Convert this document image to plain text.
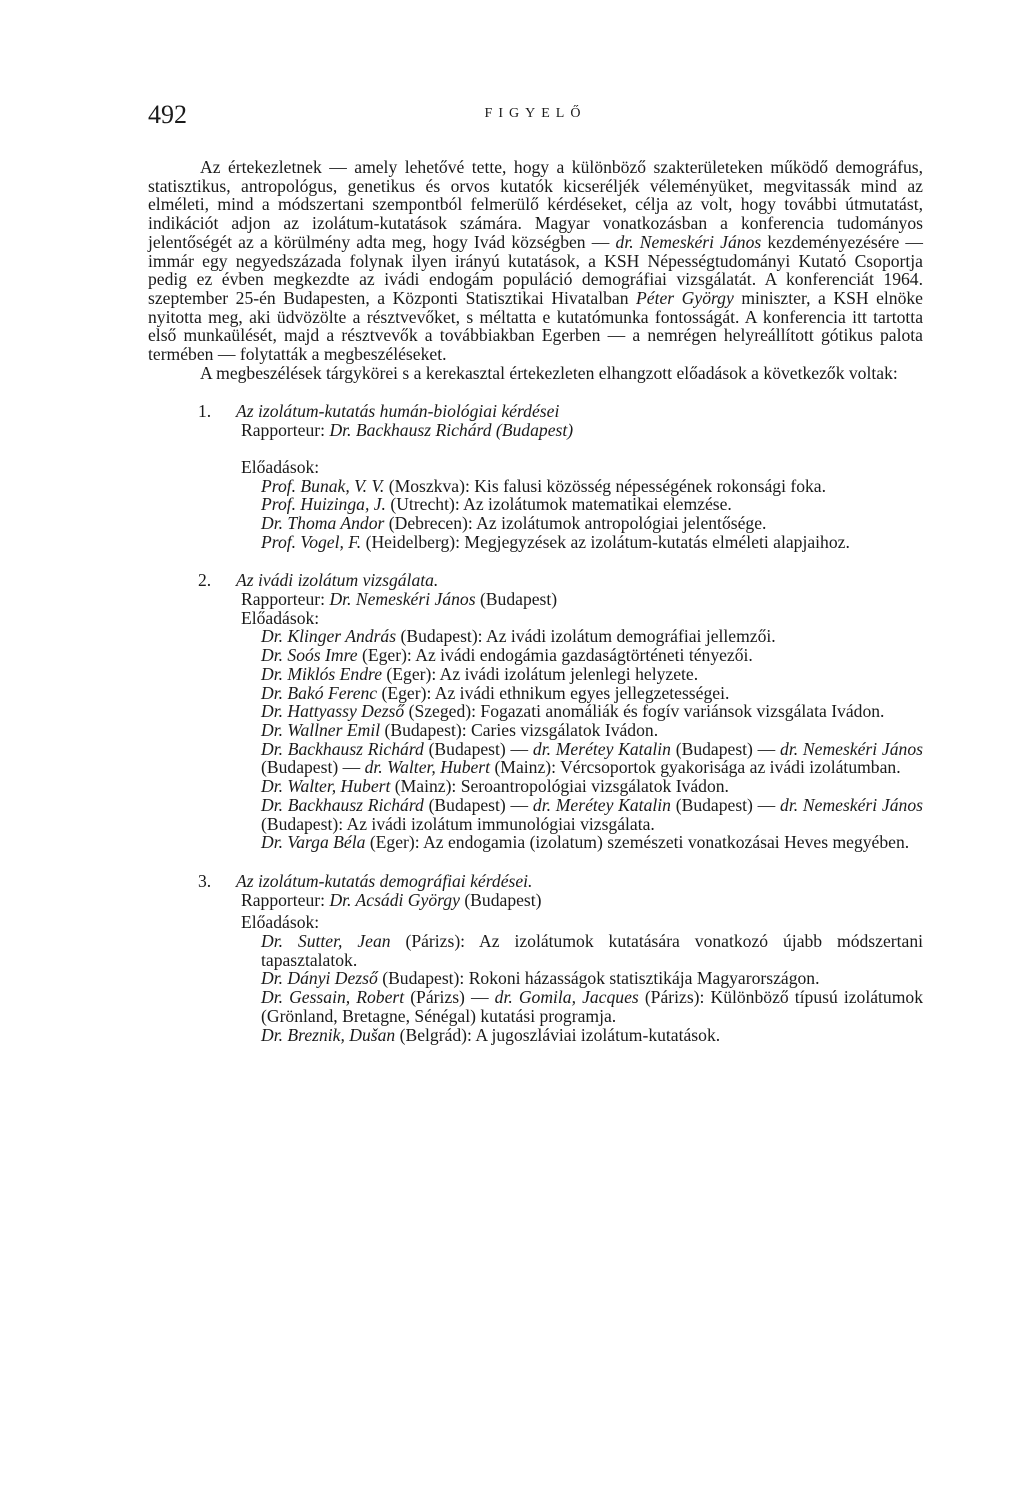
492	FIGYELŐ

Az értekezletnek — amely lehetővé tette, hogy a különböző szakterületeken működő demográfus, statisztikus, antropológus, genetikus és orvos kutatók kicseréljék véleményüket, megvitassák mind az elméleti, mind a módszertani szempontból felmerülő kérdéseket, célja az volt, hogy további útmutatást, indikációt adjon az izolátum-kutatások számára. Magyar vonatkozásban a konferencia tudományos jelentőségét az a körülmény adta meg, hogy Ivád községben — dr. Nemeskéri János kezdeményezésére — immár egy negyedszázada folynak ilyen irányú kutatások, a KSH Népességtudományi Kutató Csoportja pedig ez évben megkezdte az ivádi endogám populáció demográfiai vizsgálatát. A konferenciát 1964. szeptember 25-én Budapesten, a Központi Statisztikai Hivatalban Péter György miniszter, a KSH elnöke nyitotta meg, aki üdvözölte a résztvevőket, s méltatta e kutatómunka fontosságát. A konferencia itt tartotta első munkaülését, majd a résztvevők a továbbiakban Egerben — a nemrégen helyreállított gótikus palota termében — folytatták a megbeszéléseket.

A megbeszélések tárgykörei s a kerekasztal értekezleten elhangzott előadások a következők voltak:

1. Az izolátum-kutatás humán-biológiai kérdései
Rapporteur: Dr. Backhausz Richárd (Budapest)
Előadások:
Prof. Bunak, V. V. (Moszkva): Kis falusi közösség népességének rokonsági foka.
Prof. Huizinga, J. (Utrecht): Az izolátumok matematikai elemzése.
Dr. Thoma Andor (Debrecen): Az izolátumok antropológiai jelentősége.
Prof. Vogel, F. (Heidelberg): Megjegyzések az izolátum-kutatás elméleti alapjaihoz.
2. Az ivádi izolátum vizsgálata.
Rapporteur: Dr. Nemeskéri János (Budapest)
Előadások:
Dr. Klinger András (Budapest): Az ivádi izolátum demográfiai jellemzői.
Dr. Soós Imre (Eger): Az ivádi endogámia gazdaságtörténeti tényezői.
Dr. Miklós Endre (Eger): Az ivádi izolátum jelenlegi helyzete.
Dr. Bakó Ferenc (Eger): Az ivádi ethnikum egyes jellegzetességei.
Dr. Hattyassy Dezső (Szeged): Fogazati anomáliák és fogív variánsok vizsgálata Ivádon.
Dr. Wallner Emil (Budapest): Caries vizsgálatok Ivádon.
Dr. Backhausz Richárd (Budapest) — dr. Merétey Katalin (Budapest) — dr. Nemeskéri János (Budapest) — dr. Walter, Hubert (Mainz): Vércsoportok gyakorisága az ivádi izolátumban.
Dr. Walter, Hubert (Mainz): Seroantropológiai vizsgálatok Ivádon.
Dr. Backhausz Richárd (Budapest) — dr. Merétey Katalin (Budapest) — dr. Nemeskéri János (Budapest): Az ivádi izolátum immunológiai vizsgálata.
Dr. Varga Béla (Eger): Az endogamia (izolatum) szemészeti vonatkozásai Heves megyében.
3. Az izolátum-kutatás demográfiai kérdései.
Rapporteur: Dr. Acsádi György (Budapest)
Előadások:
Dr. Sutter, Jean (Párizs): Az izolátumok kutatására vonatkozó újabb módszertani tapasztalatok.
Dr. Dányi Dezső (Budapest): Rokoni házasságok statisztikája Magyarországon.
Dr. Gessain, Robert (Párizs) — dr. Gomila, Jacques (Párizs): Különböző típusú izolátumok (Grönland, Bretagne, Sénégal) kutatási programja.
Dr. Breznik, Dušan (Belgrád): A jugoszláviai izolátum-kutatások.
